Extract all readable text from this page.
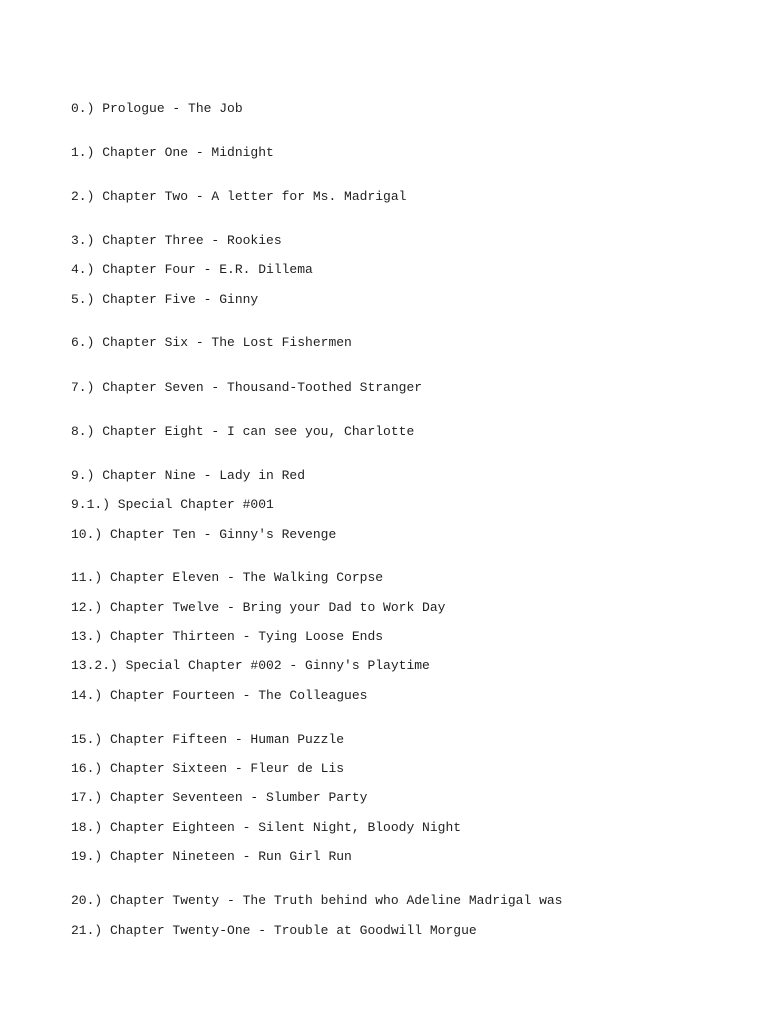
0.) Prologue - The Job
1.) Chapter One - Midnight
2.) Chapter Two - A letter for Ms. Madrigal
3.) Chapter Three - Rookies
4.) Chapter Four - E.R. Dillema
5.) Chapter Five - Ginny
6.) Chapter Six - The Lost Fishermen
7.) Chapter Seven - Thousand-Toothed Stranger
8.) Chapter Eight - I can see you, Charlotte
9.) Chapter Nine - Lady in Red
9.1.) Special Chapter #001
10.) Chapter Ten - Ginny's Revenge
11.) Chapter Eleven - The Walking Corpse
12.) Chapter Twelve - Bring your Dad to Work Day
13.) Chapter Thirteen - Tying Loose Ends
13.2.) Special Chapter #002 - Ginny's Playtime
14.) Chapter Fourteen - The Colleagues
15.) Chapter Fifteen - Human Puzzle
16.) Chapter Sixteen - Fleur de Lis
17.) Chapter Seventeen - Slumber Party
18.) Chapter Eighteen - Silent Night, Bloody Night
19.) Chapter Nineteen - Run Girl Run
20.) Chapter Twenty - The Truth behind who Adeline Madrigal was
21.) Chapter Twenty-One - Trouble at Goodwill Morgue
